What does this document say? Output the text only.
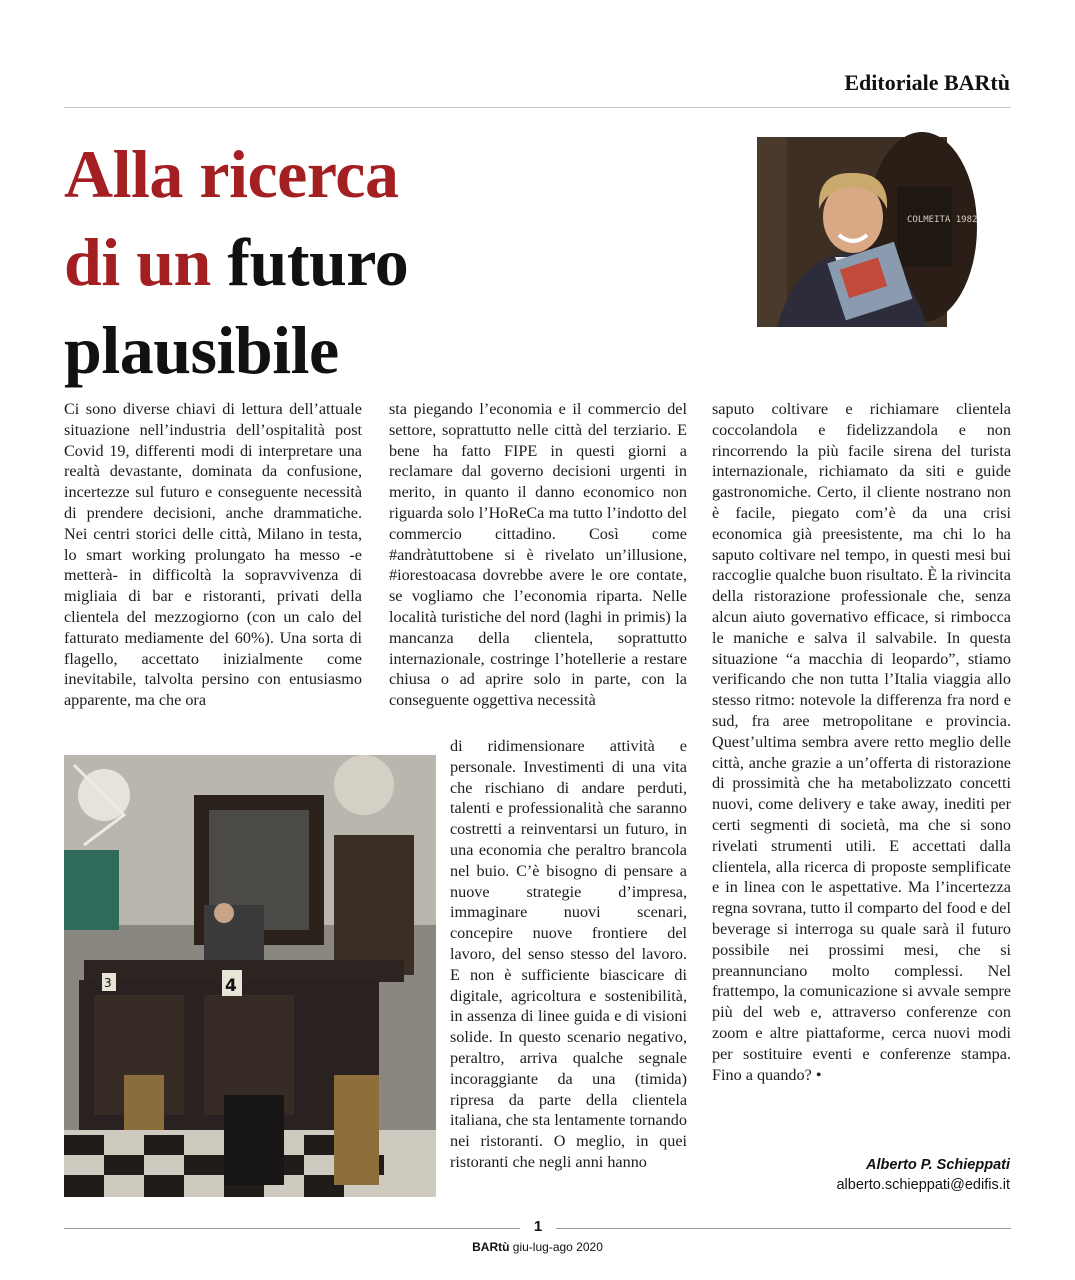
Editoriale BARtù
Alla ricerca
di un futuro
plausibile
COLMEITA 1982

Ci sono diverse chiavi di lettura dell’attuale situazione nell’industria dell’ospitalità post Covid 19, differenti modi di interpretare una realtà devastante, dominata da confusione, incertezze sul futuro e conseguente necessità di prendere decisioni, anche drammatiche. Nei centri storici delle città, Milano in testa, lo smart working prolungato ha messo -e metterà- in difficoltà la sopravvivenza di migliaia di bar e ristoranti, privati della clientela del mezzogiorno (con un calo del fatturato mediamente del 60%). Una sorta di flagello, accettato inizialmente come inevitabile, talvolta persino con entusiasmo apparente, ma che ora

sta piegando l’economia e il commercio del settore, soprattutto nelle città del terziario. E bene ha fatto FIPE in questi giorni a reclamare dal governo decisioni urgenti in merito, in quanto il danno economico non riguarda solo l’HoReCa ma tutto l’indotto del commercio cittadino. Così come #andràtuttobene si è rivelato un’illusione, #iorestoacasa dovrebbe avere le ore contate, se vogliamo che l’economia riparta. Nelle località turistiche del nord (laghi in primis) la mancanza della clientela, soprattutto internazionale, costringe l’hotellerie a restare chiusa o ad aprire solo in parte, con la conseguente oggettiva necessità

di ridimensionare attività e personale. Investimenti di una vita che rischiano di andare perduti, talenti e professionalità che saranno costretti a reinventarsi un futuro, in una economia che peraltro brancola nel buio. C’è bisogno di pensare a nuove strategie d’impresa, immaginare nuovi scenari, concepire nuove frontiere del lavoro, del senso stesso del lavoro. E non è sufficiente biascicare di digitale, agricoltura e sostenibilità, in assenza di linee guida e di visioni solide. In questo scenario negativo, peraltro, arriva qualche segnale incoraggiante da una (timida) ripresa da parte della clientela italiana, che sta lentamente tornando nei ristoranti. O meglio, in quei ristoranti che negli anni hanno

saputo coltivare e richiamare clientela coccolandola e fidelizzandola e non rincorrendo la più facile sirena del turista internazionale, richiamato da siti e guide gastronomiche. Certo, il cliente nostrano non è facile, piegato com’è da una crisi economica già preesistente, ma chi lo ha saputo coltivare nel tempo, in questi mesi bui raccoglie qualche buon risultato. È la rivincita della ristorazione professionale che, senza alcun aiuto governativo efficace, si rimbocca le maniche e salva il salvabile. In questa situazione “a macchia di leopardo”, stiamo verificando che non tutta l’Italia viaggia allo stesso ritmo: notevole la differenza fra nord e sud, fra aree metropolitane e provincia. Quest’ultima sembra avere retto meglio delle città, anche grazie a un’offerta di ristorazione di prossimità che ha metabolizzato concetti nuovi, come delivery e take away, inediti per certi segmenti di società, ma che si sono rivelati strumenti utili. E accettati dalla clientela, alla ricerca di proposte semplificate e in linea con le aspettative. Ma l’incertezza regna sovrana, tutto il comparto del food e del beverage si interroga su quale sarà il futuro possibile nei prossimi mesi, che si preannunciano molto complessi. Nel frattempo, la comunicazione si avvale sempre più del web e, attraverso conferenze con zoom e altre piattaforme, cerca nuovi modi per sostituire eventi e conferenze stampa. Fino a quando? •

3	4
Alberto P. Schieppati
alberto.schieppati@edifis.it
1
BARtù giu-lug-ago 2020
